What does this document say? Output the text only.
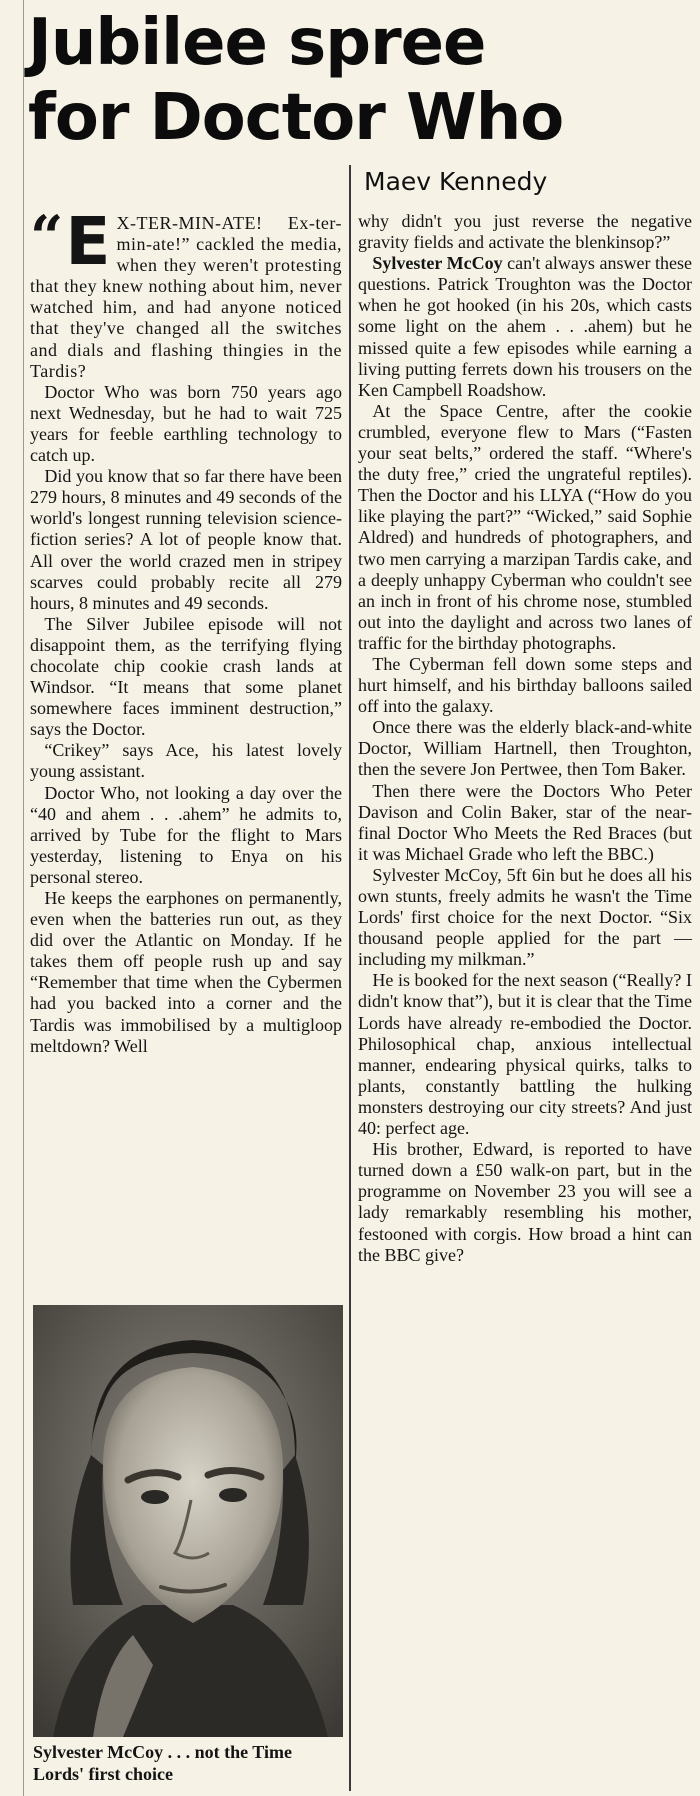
Jubilee spree
for Doctor Who
Maev Kennedy

“ E X-TER-MIN-ATE! Ex-ter-min-ate!” cackled the media, when they weren't protesting that they knew nothing about him, never watched him, and had anyone noticed that they've changed all the switches and dials and flashing thingies in the Tardis?

Doctor Who was born 750 years ago next Wednesday, but he had to wait 725 years for feeble earthling technology to catch up.

Did you know that so far there have been 279 hours, 8 minutes and 49 seconds of the world's longest running television science-fiction series? A lot of people know that. All over the world crazed men in stripey scarves could probably recite all 279 hours, 8 minutes and 49 seconds.

The Silver Jubilee episode will not disappoint them, as the terrifying flying chocolate chip cookie crash lands at Windsor. “It means that some planet somewhere faces imminent destruction,” says the Doctor.

“Crikey” says Ace, his latest lovely young assistant.

Doctor Who, not looking a day over the “40 and ahem . . .ahem” he admits to, arrived by Tube for the flight to Mars yesterday, listening to Enya on his personal stereo.

He keeps the earphones on permanently, even when the batteries run out, as they did over the Atlantic on Monday. If he takes them off people rush up and say “Remember that time when the Cybermen had you backed into a corner and the Tardis was immobilised by a multigloop meltdown? Well

why didn't you just reverse the negative gravity fields and activate the blenkinsop?”

Sylvester McCoy can't always answer these questions. Patrick Troughton was the Doctor when he got hooked (in his 20s, which casts some light on the ahem . . .ahem) but he missed quite a few episodes while earning a living putting ferrets down his trousers on the Ken Campbell Roadshow.

At the Space Centre, after the cookie crumbled, everyone flew to Mars (“Fasten your seat belts,” ordered the staff. “Where's the duty free,” cried the ungrateful reptiles). Then the Doctor and his LLYA (“How do you like playing the part?” “Wicked,” said Sophie Aldred) and hundreds of photographers, and two men carrying a marzipan Tardis cake, and a deeply unhappy Cyberman who couldn't see an inch in front of his chrome nose, stumbled out into the daylight and across two lanes of traffic for the birthday photographs.

The Cyberman fell down some steps and hurt himself, and his birthday balloons sailed off into the galaxy.

Once there was the elderly black-and-white Doctor, William Hartnell, then Troughton, then the severe Jon Pertwee, then Tom Baker.

Then there were the Doctors Who Peter Davison and Colin Baker, star of the near-final Doctor Who Meets the Red Braces (but it was Michael Grade who left the BBC.)

Sylvester McCoy, 5ft 6in but he does all his own stunts, freely admits he wasn't the Time Lords' first choice for the next Doctor. “Six thousand people applied for the part — including my milkman.”

He is booked for the next season (“Really? I didn't know that”), but it is clear that the Time Lords have already re-embodied the Doctor. Philosophical chap, anxious intellectual manner, endearing physical quirks, talks to plants, constantly battling the hulking monsters destroying our city streets? And just 40: perfect age.

His brother, Edward, is reported to have turned down a £50 walk-on part, but in the programme on November 23 you will see a lady remarkably resembling his mother, festooned with corgis. How broad a hint can the BBC give?

Sylvester McCoy . . . not the Time Lords' first choice
